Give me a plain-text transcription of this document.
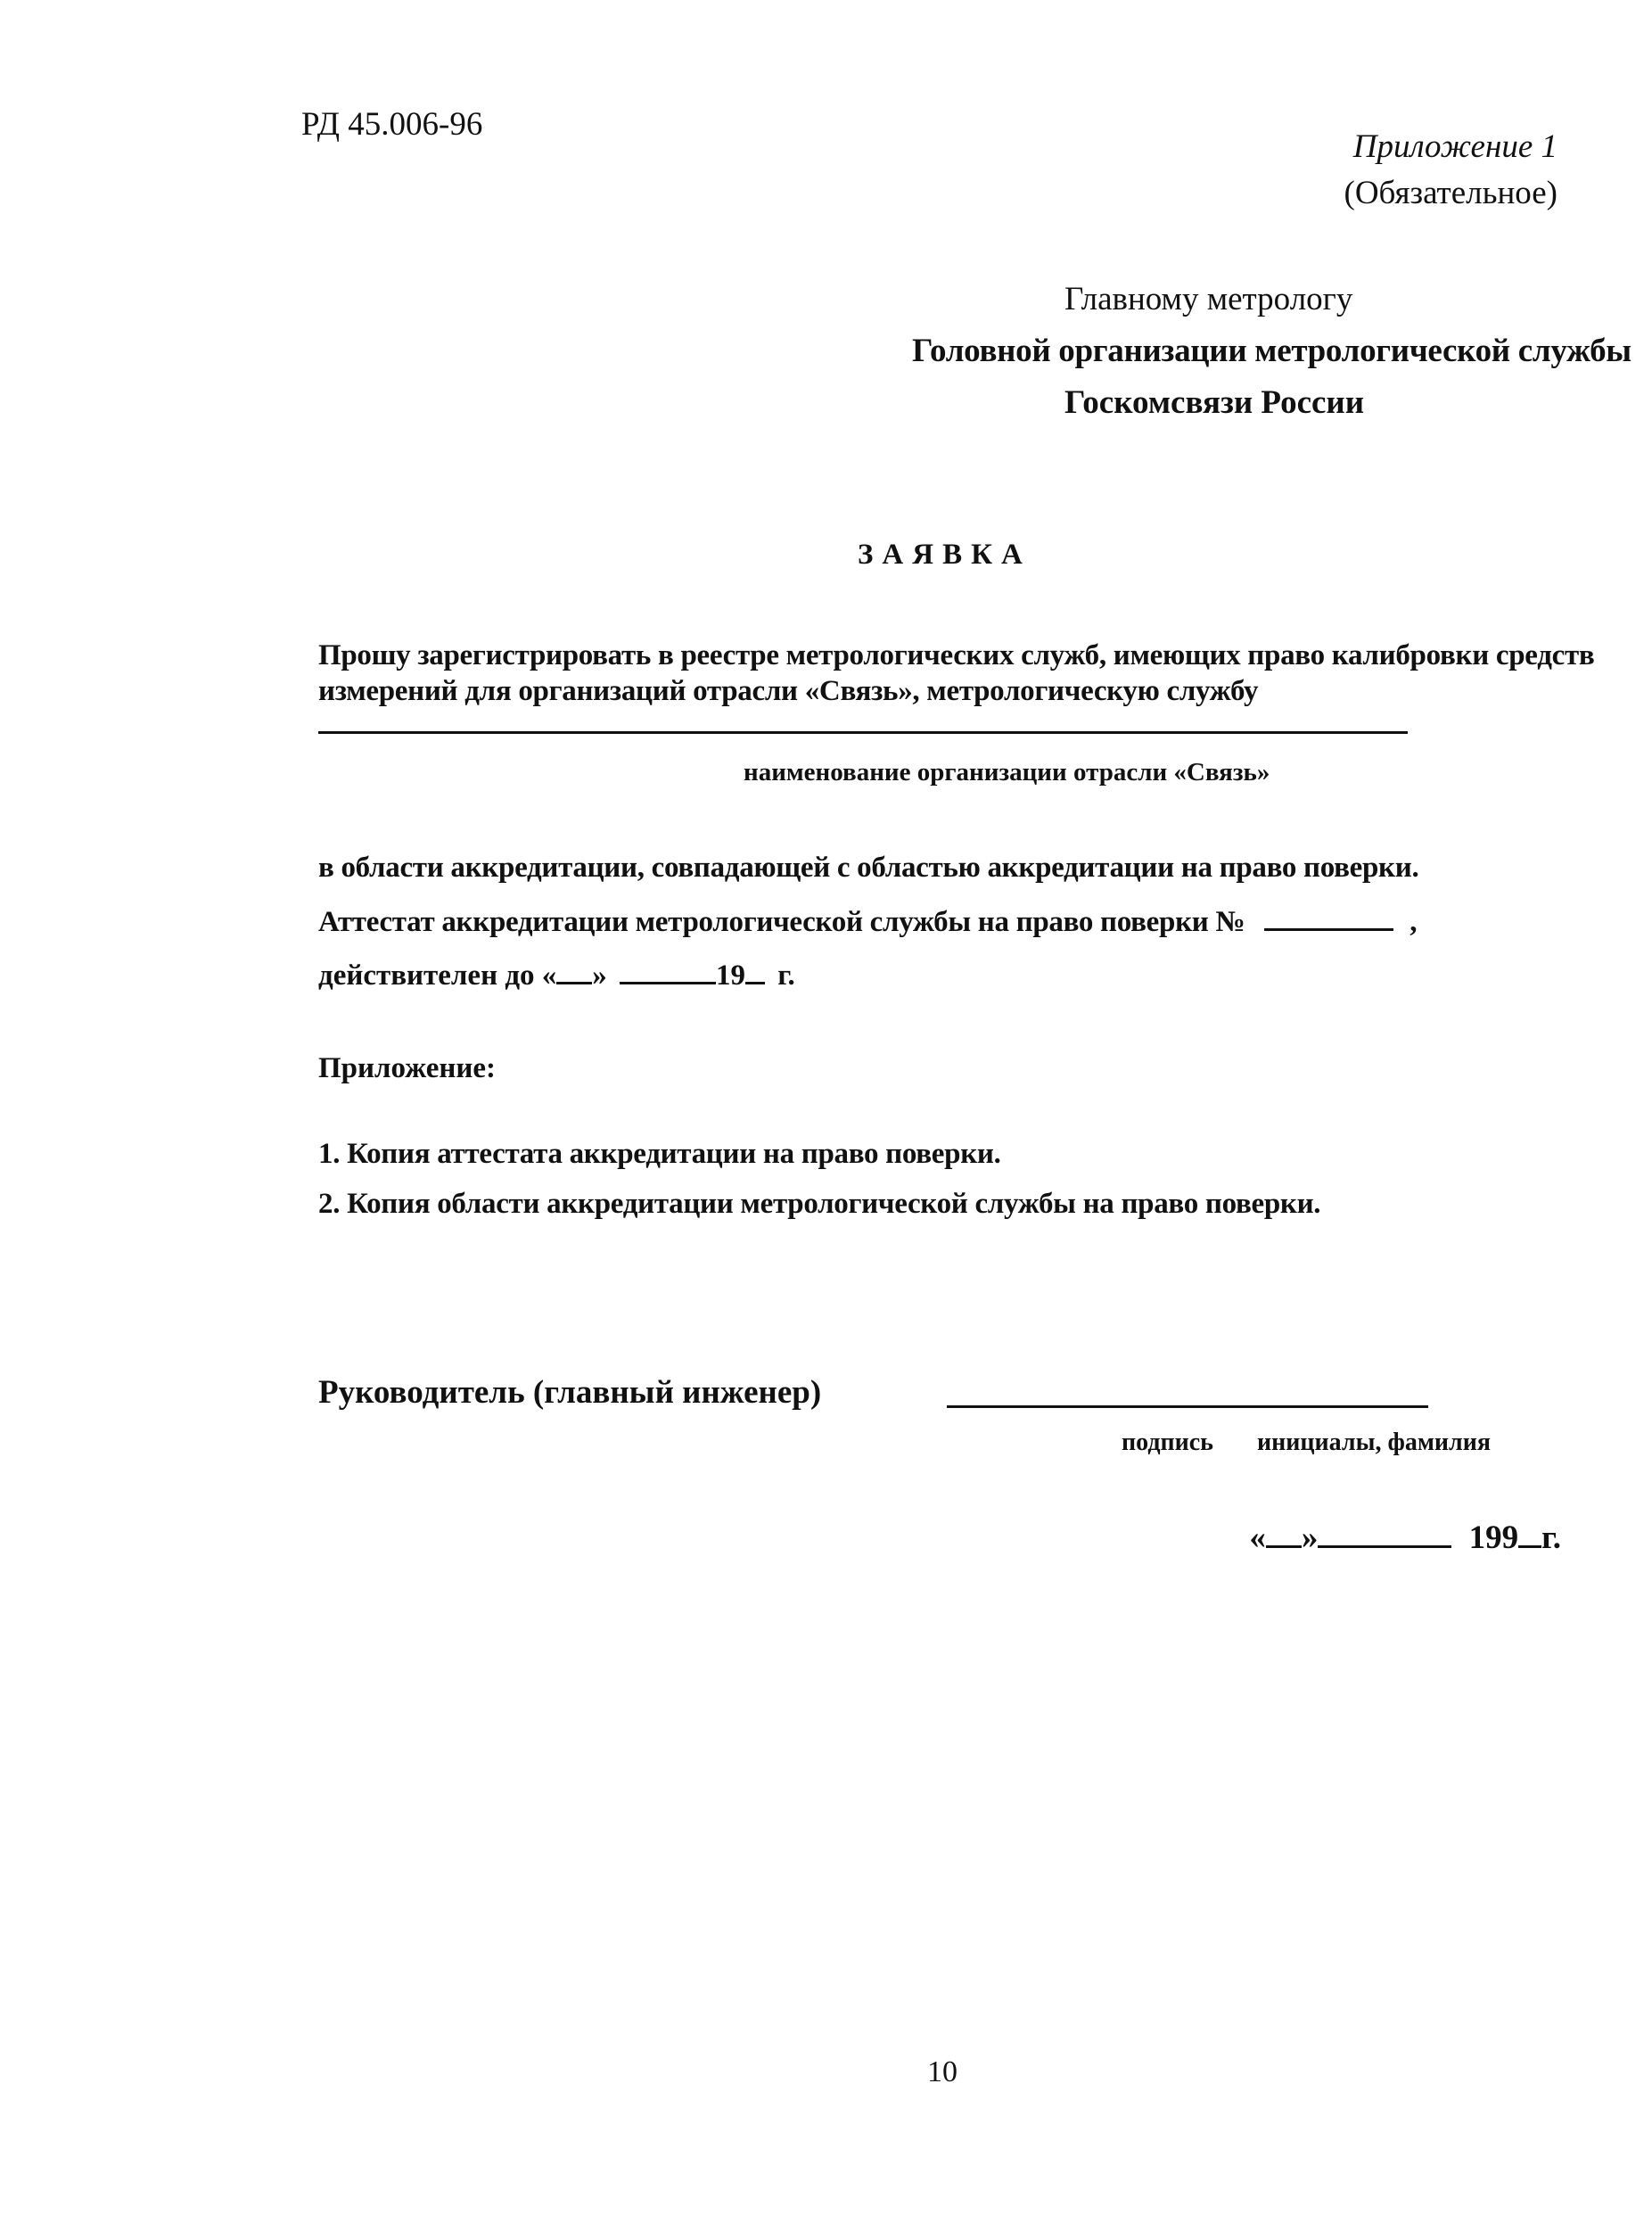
РД 45.006-96
Приложение 1
(Обязательное)
Главному метрологу
Головной организации метрологической службы
Госкомсвязи России
ЗАЯВКА
Прошу зарегистрировать в реестре метрологических служб, имеющих право калибровки средств
измерений для организаций отрасли «Связь», метрологическую службу
наименование организации отрасли «Связь»
в области аккредитации, совпадающей с областью аккредитации на право поверки.
Аттестат аккредитации метрологической службы на право поверки №	,
действителен до « »	19 г.
Приложение:
1. Копия аттестата аккредитации на право поверки.
2. Копия области аккредитации метрологической службы на право поверки.
Руководитель (главный инженер)
подпись инициалы, фамилия
« »	199 г.
10
